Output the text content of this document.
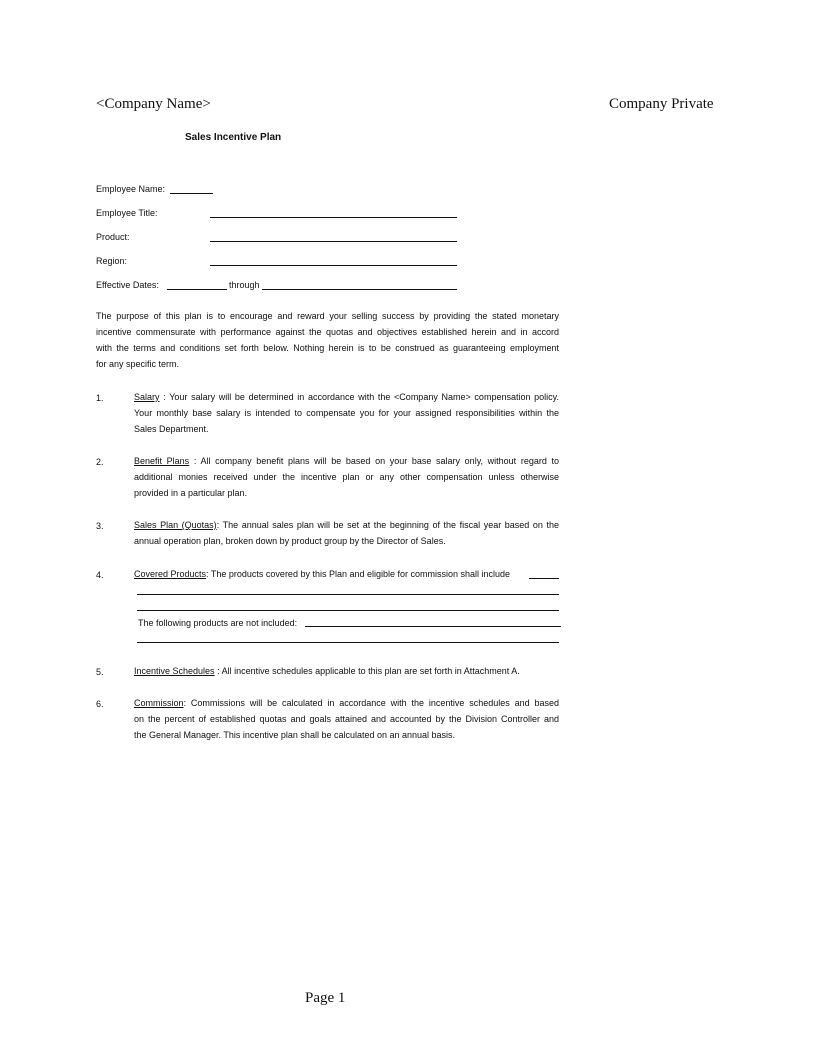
<Company Name>	Company Private
Sales Incentive Plan
Employee Name:
Employee Title:
Product:
Region:
Effective Dates:	through
The purpose of this plan is to encourage and reward your selling success by providing the stated monetary
incentive commensurate with performance against the quotas and objectives established herein and in accord
with the terms and conditions set forth below. Nothing herein is to be construed as guaranteeing employment
for any specific term.
1.	Salary : Your salary will be determined in accordance with the <Company Name> compensation policy.
Your monthly base salary is intended to compensate you for your assigned responsibilities within the
Sales Department.
2.	Benefit Plans : All company benefit plans will be based on your base salary only, without regard to
additional monies received under the incentive plan or any other compensation unless otherwise
provided in a particular plan.
3.	Sales Plan (Quotas): The annual sales plan will be set at the beginning of the fiscal year based on the
annual operation plan, broken down by product group by the Director of Sales.
4.	Covered Products: The products covered by this Plan and eligible for commission shall include
The following products are not included:
5.	Incentive Schedules : All incentive schedules applicable to this plan are set forth in Attachment A.
6.	Commission: Commissions will be calculated in accordance with the incentive schedules and based
on the percent of established quotas and goals attained and accounted by the Division Controller and
the General Manager. This incentive plan shall be calculated on an annual basis.
Page 1
